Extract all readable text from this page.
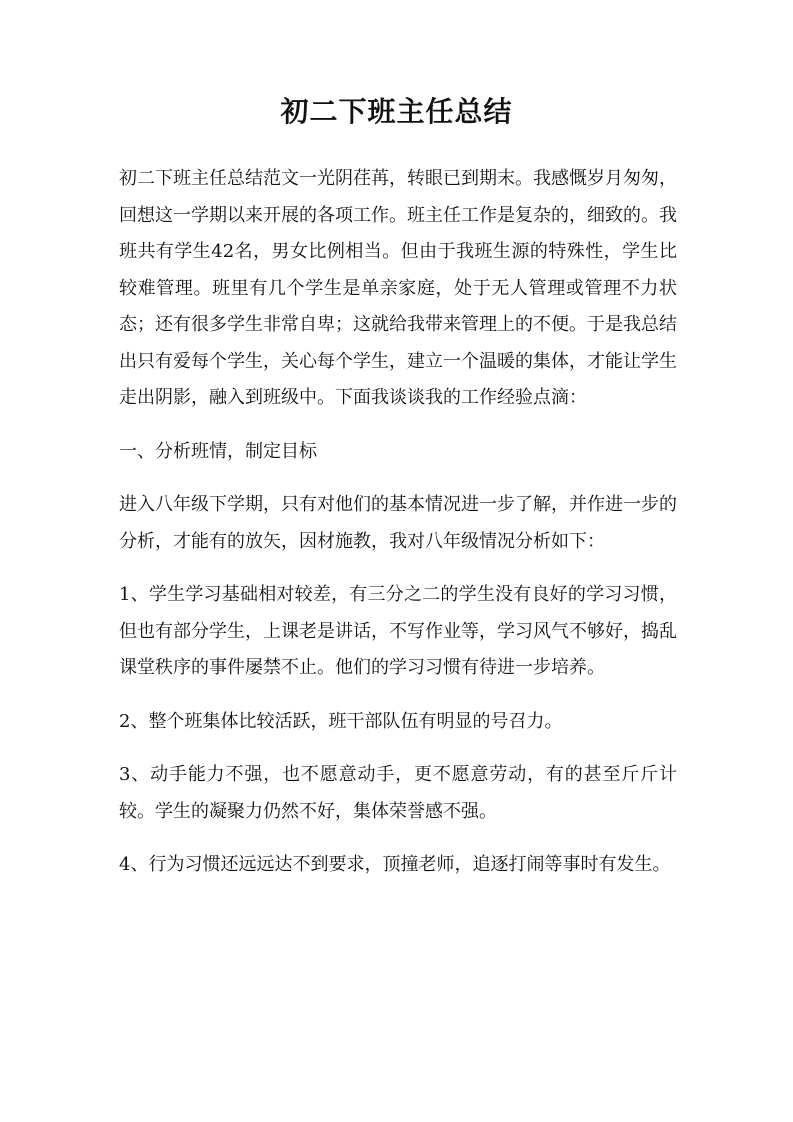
初二下班主任总结

初二下班主任总结范文一光阴荏苒，转眼已到期末。我感慨岁月匆匆，回想这一学期以来开展的各项工作。班主任工作是复杂的，细致的。我班共有学生42名，男女比例相当。但由于我班生源的特殊性，学生比较难管理。班里有几个学生是单亲家庭，处于无人管理或管理不力状态；还有很多学生非常自卑；这就给我带来管理上的不便。于是我总结出只有爱每个学生，关心每个学生，建立一个温暖的集体，才能让学生走出阴影，融入到班级中。下面我谈谈我的工作经验点滴：

一、分析班情，制定目标

进入八年级下学期，只有对他们的基本情况进一步了解，并作进一步的分析，才能有的放矢，因材施教，我对八年级情况分析如下：

1、学生学习基础相对较差，有三分之二的学生没有良好的学习习惯，但也有部分学生，上课老是讲话，不写作业等，学习风气不够好，捣乱课堂秩序的事件屡禁不止。他们的学习习惯有待进一步培养。

2、整个班集体比较活跃，班干部队伍有明显的号召力。

3、动手能力不强，也不愿意动手，更不愿意劳动，有的甚至斤斤计较。学生的凝聚力仍然不好，集体荣誉感不强。

4、行为习惯还远远达不到要求，顶撞老师，追逐打闹等事时有发生。
